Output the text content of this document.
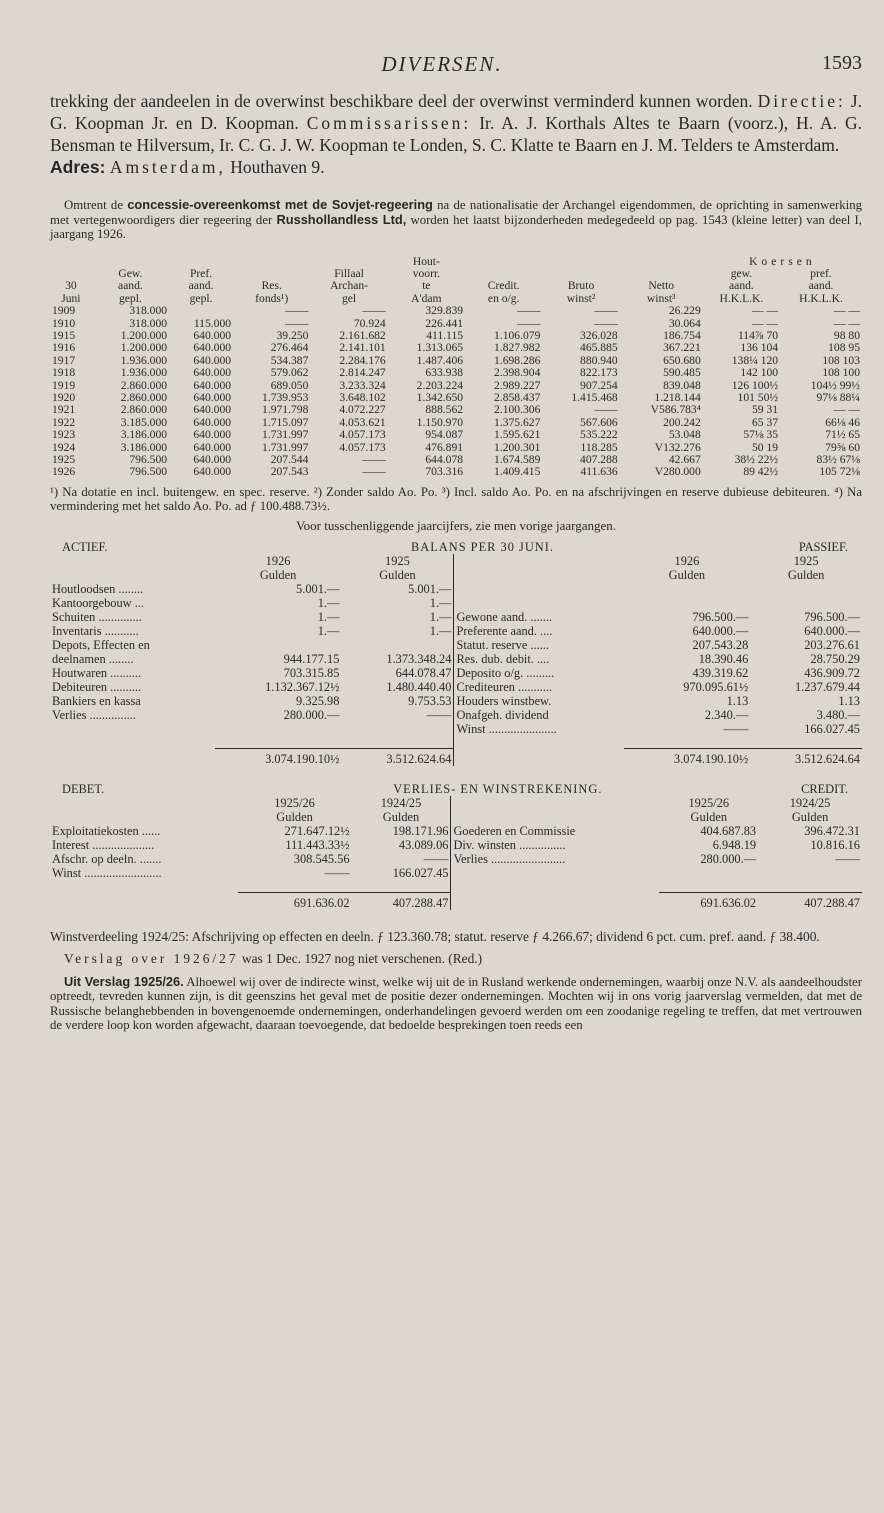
DIVERSEN.	1593

trekking der aandeelen in de overwinst beschikbare deel der overwinst verminderd kunnen worden. Directie: J. G. Koopman Jr. en D. Koopman. Commissarissen: Ir. A. J. Korthals Altes te Baarn (voorz.), H. A. G. Bensman te Hilversum, Ir. C. G. J. W. Koopman te Londen, S. C. Klatte te Baarn en J. M. Telders te Amsterdam.
Adres: Amsterdam, Houthaven 9.

Omtrent de concessie-overeenkomst met de Sovjet-regeering na de nationalisatie der Archangel eigendommen, de oprichting in samenwerking met vertegenwoordigers dier regeering der Russhollandless Ltd, worden het laatst bijzonderheden medegedeeld op pag. 1543 (kleine letter) van deel I, jaargang 1926.

					Hout-				Koersen	
	Gew.	Pref.		Fillaal	voorr.				gew.	pref.
30	aand.	aand.	Res.	Archan-	te	Credit.	Bruto	Netto	aand.	aand.
Juni	gepl.	gepl.	fonds¹)	gel	A'dam	en o/g.	winst²	winst³	H.K.L.K.	H.K.L.K.
1909	318.000		——	——	329.839	——	——	26.229	— —	— —
1910	318.000	115.000	——	70.924	226.441	——	——	30.064	— —	— —
1915	1.200.000	640.000	39.250	2.161.682	411.115	1.106.079	326.028	186.754	114⅞ 70	98 80
1916	1.200.000	640.000	276.464	2.141.101	1.313.065	1.827.982	465.885	367.221	136 104	108 95
1917	1.936.000	640.000	534.387	2.284.176	1.487.406	1.698.286	880.940	650.680	138¼ 120	108 103
1918	1.936.000	640.000	579.062	2.814.247	633.938	2.398.904	822.173	590.485	142 100	108 100
1919	2.860.000	640.000	689.050	3.233.324	2.203.224	2.989.227	907.254	839.048	126 100½	104½ 99½
1920	2.860.000	640.000	1.739.953	3.648.102	1.342.650	2.858.437	1.415.468	1.218.144	101 50½	97⅛ 88¼
1921	2.860.000	640.000	1.971.798	4.072.227	888.562	2.100.306	——	V586.783⁴	59 31	— —
1922	3.185.000	640.000	1.715.097	4.053.621	1.150.970	1.375.627	567.606	200.242	65 37	66⅛ 46
1923	3.186.000	640.000	1.731.997	4.057.173	954.087	1.595.621	535.222	53.048	57⅛ 35	71½ 65
1924	3.186.000	640.000	1.731.997	4.057.173	476.891	1.200.301	118.285	V132.276	50 19	79⅝ 60
1925	796.500	640.000	207.544	——	644.078	1.674.589	407.288	42.667	38½ 22½	83½ 67⅛
1926	796.500	640.000	207.543	——	703.316	1.409.415	411.636	V280.000	89 42½	105 72⅛

¹) Na dotatie en incl. buitengew. en spec. reserve. ²) Zonder saldo Ao. Po. ³) Incl. saldo Ao. Po. en na afschrijvingen en reserve dubieuse debiteuren. ⁴) Na vermindering met het saldo Ao. Po. ad ƒ 100.488.73½.

Voor tusschenliggende jaarcijfers, zie men vorige jaargangen.
ACTIEF.	BALANS PER 30 JUNI.				PASSIEF.
	1926	1925		1926	1925
	Gulden	Gulden		Gulden	Gulden
Houtloodsen ........	5.001.—	5.001.—			
Kantoorgebouw ...	1.—	1.—			
Schuiten ..............	1.—	1.—	Gewone aand. .......	796.500.—	796.500.—
Inventaris ...........	1.—	1.—	Preferente aand. ....	640.000.—	640.000.—
Depots, Effecten en			Statut. reserve ......	207.543.28	203.276.61
deelnamen ........	944.177.15	1.373.348.24	Res. dub. debit. ....	18.390.46	28.750.29
Houtwaren ..........	703.315.85	644.078.47	Deposito o/g. .........	439.319.62	436.909.72
Debiteuren ..........	1.132.367.12½	1.480.440.40	Crediteuren ...........	970.095.61½	1.237.679.44
Bankiers en kassa	9.325.98	9.753.53	Houders winstbew.	1.13	1.13
Verlies ...............	280.000.—	——	Onafgeh. dividend	2.340.—	3.480.—
			Winst ......................	——	166.027.45

	3.074.190.10½	3.512.624.64		3.074.190.10½	3.512.624.64
DEBET.	VERLIES- EN WINSTREKENING.				CREDIT.
	1925/26	1924/25		1925/26	1924/25
	Gulden	Gulden		Gulden	Gulden
Exploitatiekosten ......	271.647.12½	198.171.96	Goederen en Commissie	404.687.83	396.472.31
Interest ....................	111.443.33½	43.089.06	Div. winsten ...............	6.948.19	10.816.16
Afschr. op deeln. .......	308.545.56	——	Verlies ........................	280.000.—	——
Winst .........................	——	166.027.45			

	691.636.02	407.288.47		691.636.02	407.288.47

Winstverdeeling 1924/25: Afschrijving op effecten en deeln. ƒ 123.360.78; statut. reserve ƒ 4.266.67; dividend 6 pct. cum. pref. aand. ƒ 38.400.

Verslag over 1926/27 was 1 Dec. 1927 nog niet verschenen. (Red.)

Uit Verslag 1925/26. Alhoewel wij over de indirecte winst, welke wij uit de in Rusland werkende ondernemingen, waarbij onze N.V. als aandeelhoudster optreedt, tevreden kunnen zijn, is dit geenszins het geval met de positie dezer ondernemingen. Mochten wij in ons vorig jaarverslag vermelden, dat met de Russische belanghebbenden in bovengenoemde ondernemingen, onderhandelingen gevoerd werden om een zoodanige regeling te treffen, dat met vertrouwen de verdere loop kon worden afgewacht, daaraan toevoegende, dat bedoelde besprekingen toen reeds een
